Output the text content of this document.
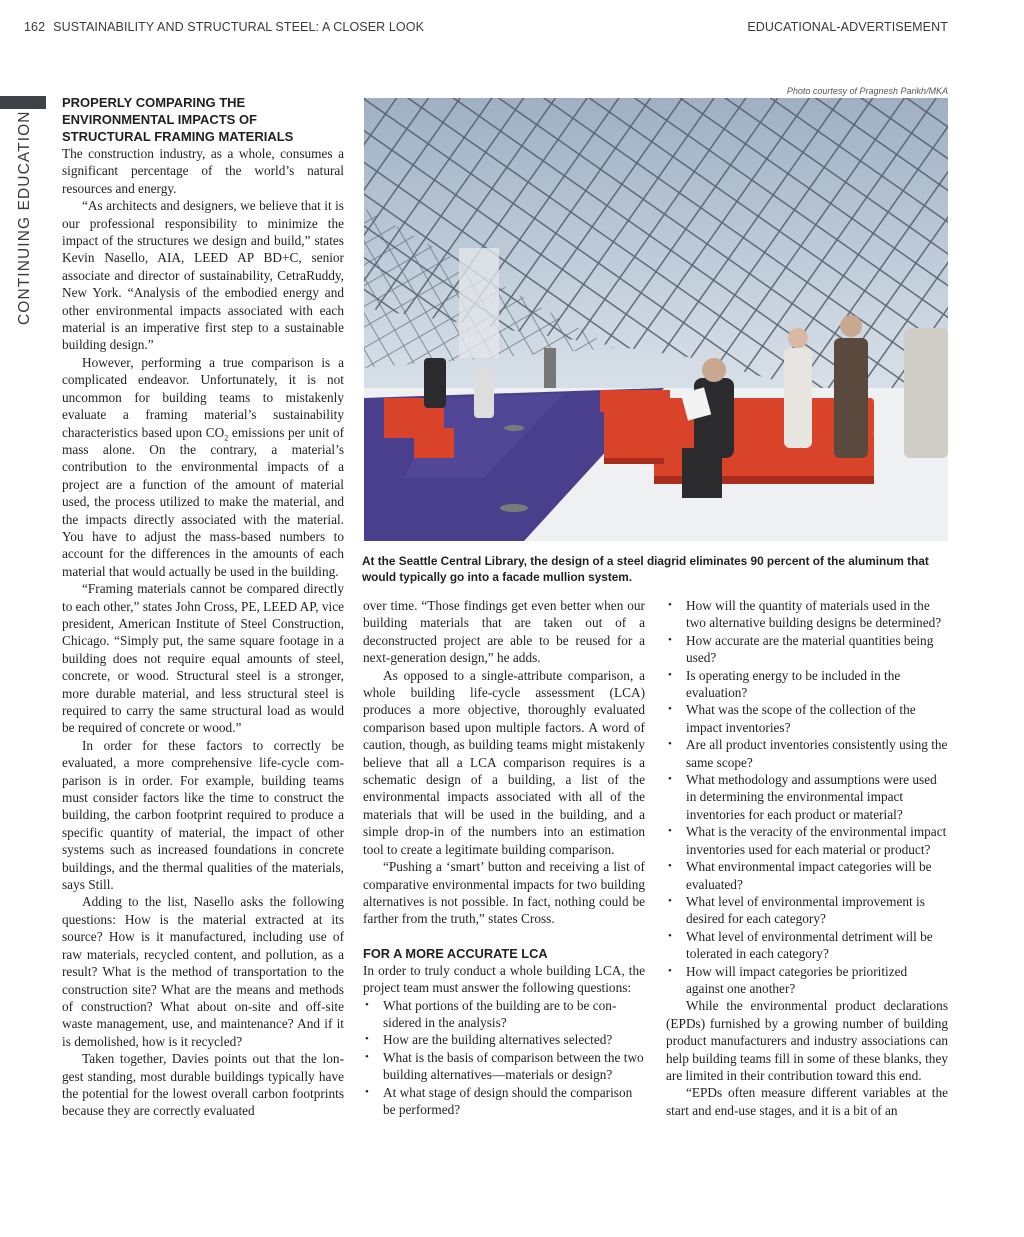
162 SUSTAINABILITY AND STRUCTURAL STEEL: A CLOSER LOOK	EDUCATIONAL-ADVERTISEMENT
CONTINUING EDUCATION
Photo courtesy of Pragnesh Parikh/MKA
At the Seattle Central Library, the design of a steel diagrid eliminates 90 percent of the aluminum that would typically go into a facade mullion system.
PROPERLY COMPARING THE ENVIRONMENTAL IMPACTS OF STRUCTURAL FRAMING MATERIALS

The construction industry, as a whole, consumes a significant percentage of the world’s natural resources and energy.

“As architects and designers, we believe that it is our professional responsibility to minimize the impact of the structures we design and build,” states Kevin Nasello, AIA, LEED AP BD+C, senior associate and director of sustainability, CetraRuddy, New York. “Analysis of the embodied energy and other environmental impacts associated with each material is an imperative first step to a sustainable building design.”

However, performing a true comparison is a complicated endeavor. Unfortunately, it is not uncommon for building teams to mistakenly evaluate a framing material’s sustainability characteristics based upon $CO_2$ emissions per unit of mass alone. On the contrary, a material’s contribution to the environmental impacts of a project are a function of the amount of material used, the process utilized to make the material, and the impacts directly associated with the material. You have to adjust the mass-based numbers to account for the differences in the amounts of each material that would actually be used in the building.

“Framing materials cannot be compared directly to each other,” states John Cross, PE, LEED AP, vice president, American Institute of Steel Construction, Chicago. “Simply put, the same square footage in a building does not require equal amounts of steel, concrete, or wood. Structural steel is a stronger, more durable material, and less structural steel is required to carry the same structural load as would be required of concrete or wood.”

In order for these factors to correctly be evaluated, a more comprehensive life-cycle comparison is in order. For example, building teams must consider factors like the time to construct the building, the carbon footprint required to produce a specific quantity of material, the impact of other systems such as increased foundations in concrete buildings, and the thermal qualities of the materials, says Still.

Adding to the list, Nasello asks the following questions: How is the material extracted at its source? How is it manufactured, including use of raw materials, recycled content, and pollution, as a result? What is the method of transportation to the construction site? What are the means and methods of construction? What about on-site and off-site waste management, use, and maintenance? And if it is demolished, how is it recycled?

Taken together, Davies points out that the longest standing, most durable buildings typically have the potential for the lowest overall carbon footprints because they are correctly evaluated

over time. “Those findings get even better when our building materials that are taken out of a deconstructed project are able to be reused for a next-generation design,” he adds.

As opposed to a single-attribute comparison, a whole building life-cycle assessment (LCA) produces a more objective, thoroughly evaluated comparison based upon multiple factors. A word of caution, though, as building teams might mistakenly believe that all a LCA comparison requires is a schematic design of a building, a list of the environmental impacts associated with all of the materials that will be used in the building, and a simple drop-in of the numbers into an estimation tool to create a legitimate building comparison.

“Pushing a ‘smart’ button and receiving a list of comparative environmental impacts for two building alternatives is not possible. In fact, nothing could be farther from the truth,” states Cross.

FOR A MORE ACCURATE LCA

In order to truly conduct a whole building LCA, the project team must answer the following questions:

• What portions of the building are to be considered in the analysis?
• How are the building alternatives selected?
• What is the basis of comparison between the two building alternatives—materials or design?
• At what stage of design should the comparison be performed?
• How will the quantity of materials used in the two alternative building designs be determined?
• How accurate are the material quantities being used?
• Is operating energy to be included in the evaluation?
• What was the scope of the collection of the impact inventories?
• Are all product inventories consistently using the same scope?
• What methodology and assumptions were used in determining the environmental impact inventories for each product or material?
• What is the veracity of the environmental impact inventories used for each material or product?
• What environmental impact categories will be evaluated?
• What level of environmental improvement is desired for each category?
• What level of environmental detriment will be tolerated in each category?
• How will impact categories be prioritized against one another?

While the environmental product declarations (EPDs) furnished by a growing number of building product manufacturers and industry associations can help building teams fill in some of these blanks, they are limited in their contribution toward this end.

“EPDs often measure different variables at the start and end-use stages, and it is a bit of an
